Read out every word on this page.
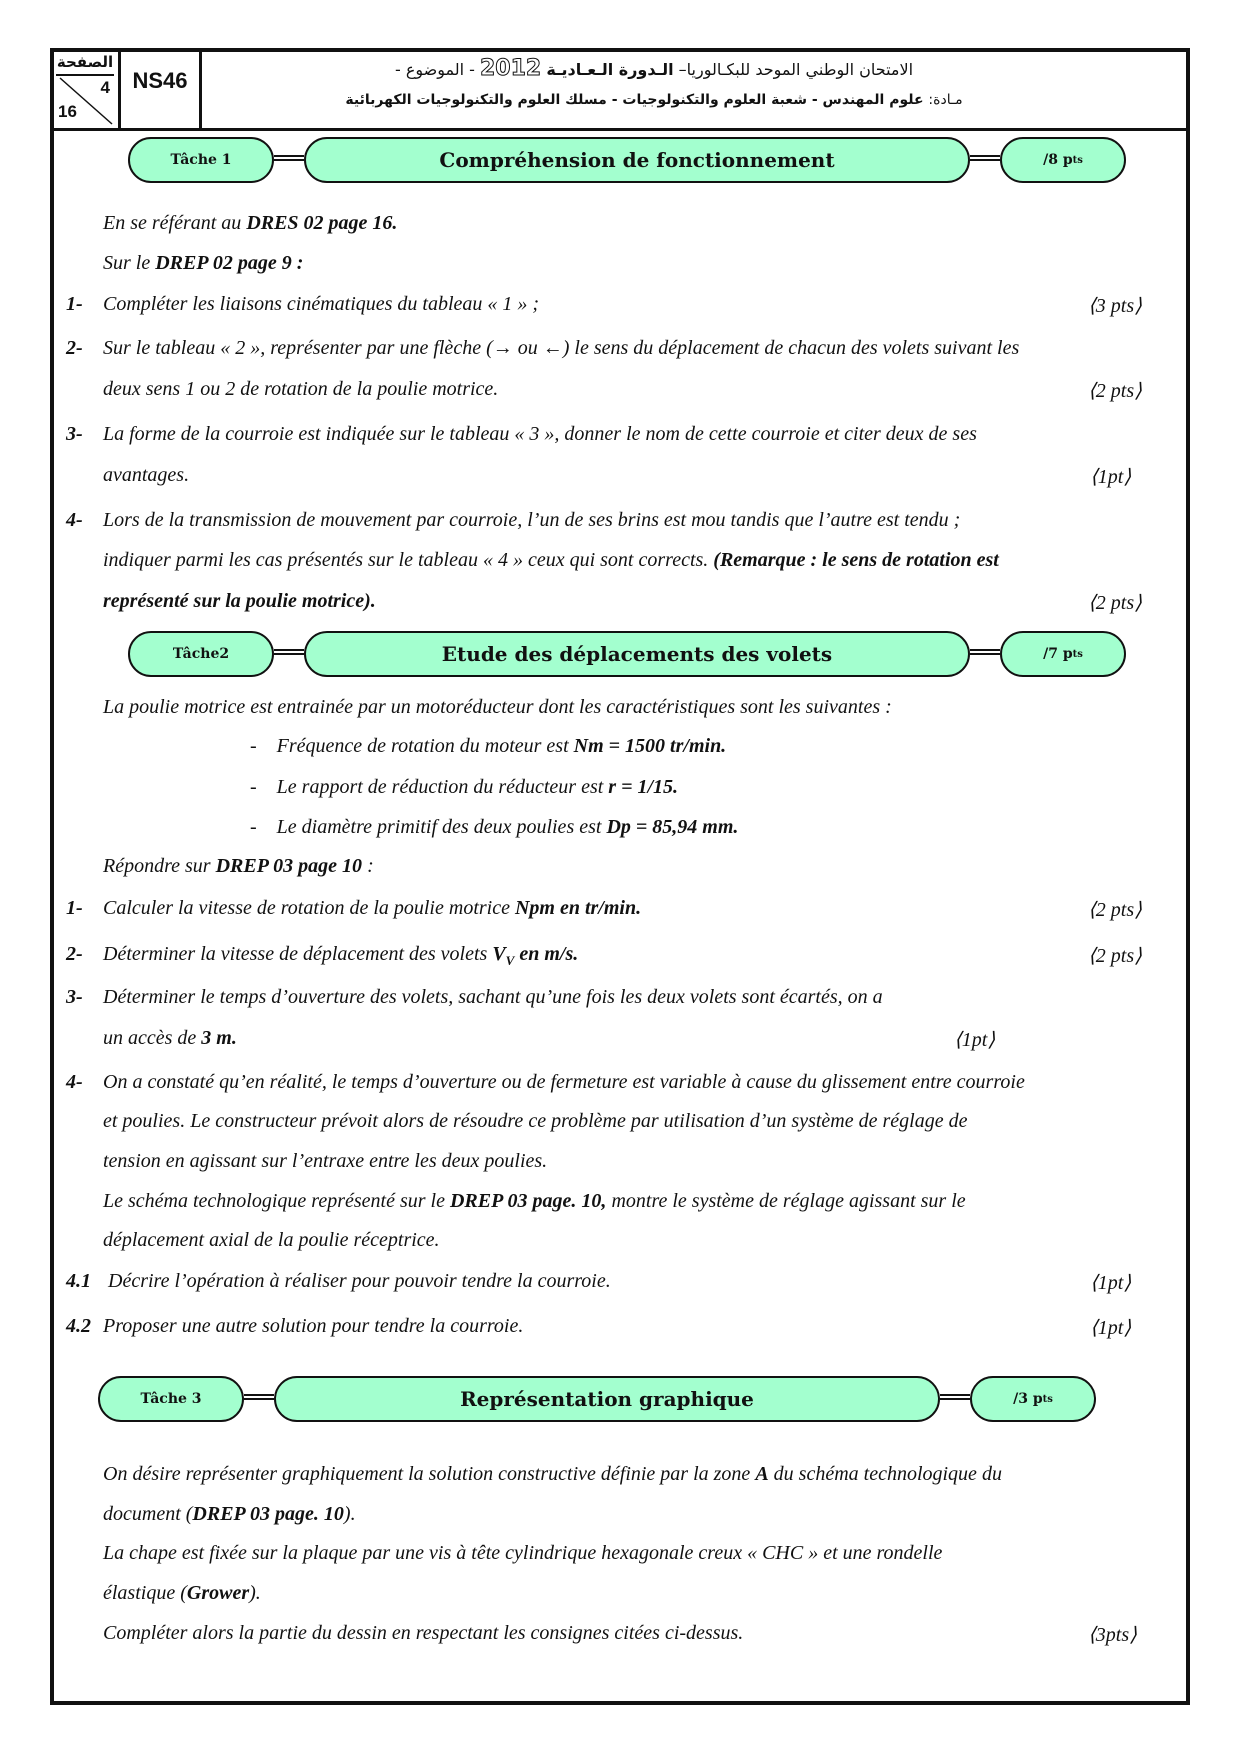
الصفحة
4
16
NS46	الامتحان الوطني الموحد للبكـالوريا– الـدورة الـعـاديـة 2012 - الموضوع -
مـادة: علوم المهندس - شعبة العلوم والتكنولوجيات - مسلك العلوم والتكنولوجيات الكهربائية
Tâche 1	Compréhension de fonctionnement	/8 p ts
En se référant au DRES 02 page 16.
Sur le DREP 02 page 9 :
1- Compléter les liaisons cinématiques du tableau « 1 » ;	⟨3 pts⟩
2- Sur le tableau « 2 », représenter par une flèche (→ ou ←) le sens du déplacement de chacun des volets suivant les
deux sens 1 ou 2 de rotation de la poulie motrice.	⟨2 pts⟩
3- La forme de la courroie est indiquée sur le tableau « 3 », donner le nom de cette courroie et citer deux de ses
avantages.	⟨1pt⟩
4- Lors de la transmission de mouvement par courroie, l’un de ses brins est mou tandis que l’autre est tendu ;
indiquer parmi les cas présentés sur le tableau « 4 » ceux qui sont corrects. (Remarque : le sens de rotation est
représenté sur la poulie motrice).	⟨2 pts⟩
Tâche2	Etude des déplacements des volets	/7 p ts
La poulie motrice est entrainée par un motoréducteur dont les caractéristiques sont les suivantes :
-    Fréquence de rotation du moteur est Nm = 1500 tr/min.
-    Le rapport de réduction du réducteur est r = 1/15.
-    Le diamètre primitif des deux poulies est Dp = 85,94 mm.
Répondre sur DREP 03 page 10 :
1- Calculer la vitesse de rotation de la poulie motrice Npm en tr/min.	⟨2 pts⟩
2- Déterminer la vitesse de déplacement des volets $V_V$ en m/s.	⟨2 pts⟩
3- Déterminer le temps d’ouverture des volets, sachant qu’une fois les deux volets sont écartés, on a
un accès de 3 m.	⟨1pt⟩
4- On a constaté qu’en réalité, le temps d’ouverture ou de fermeture est variable à cause du glissement entre courroie
et poulies. Le constructeur prévoit alors de résoudre ce problème par utilisation d’un système de réglage de
tension en agissant sur l’entraxe entre les deux poulies.
Le schéma technologique représenté sur le DREP 03 page. 10, montre le système de réglage agissant sur le
déplacement axial de la poulie réceptrice.
4.1 Décrire l’opération à réaliser pour pouvoir tendre la courroie.	⟨1pt⟩
4.2 Proposer une autre solution pour tendre la courroie.	⟨1pt⟩
Tâche 3	Représentation graphique	/3 p ts
On désire représenter graphiquement la solution constructive définie par la zone A du schéma technologique du
document (DREP 03 page. 10).
La chape est fixée sur la plaque par une vis à tête cylindrique hexagonale creux « CHC » et une rondelle
élastique (Grower).
Compléter alors la partie du dessin en respectant les consignes citées ci-dessus.	⟨3pts⟩
